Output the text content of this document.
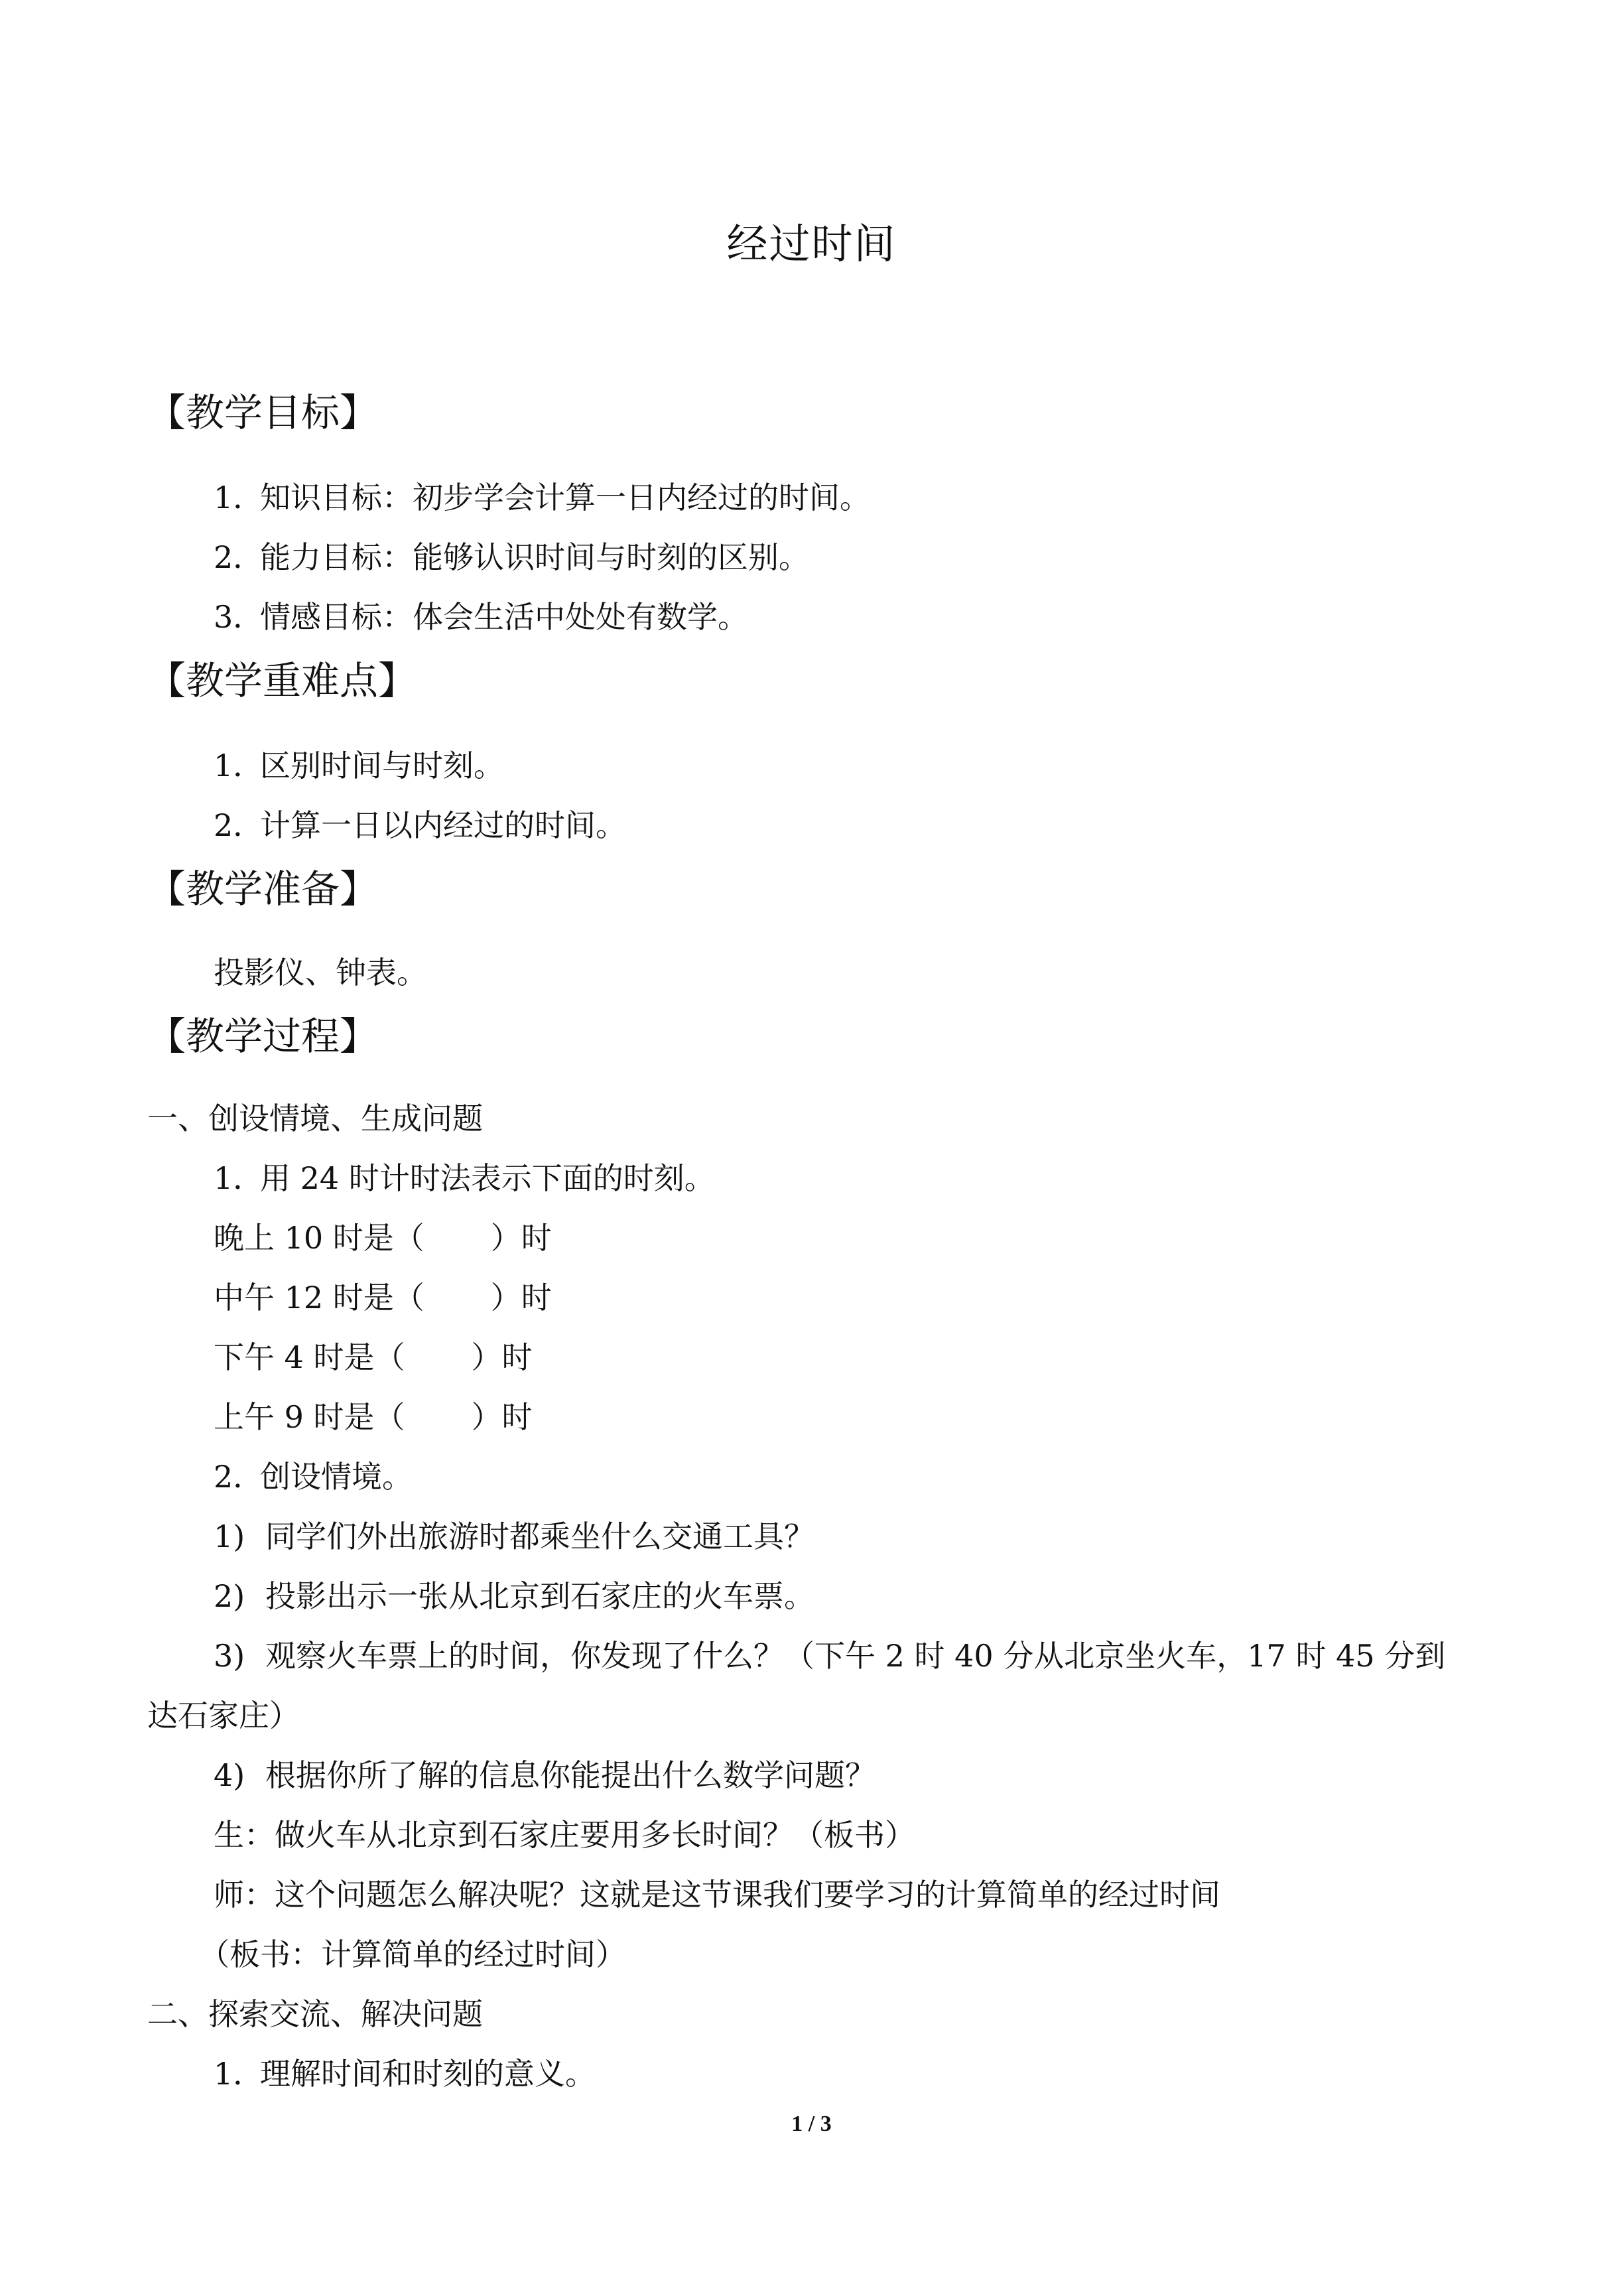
经过时间
【教学目标】
1．知识目标：初步学会计算一日内经过的时间。
2．能力目标：能够认识时间与时刻的区别。
3．情感目标：体会生活中处处有数学。
【教学重难点】
1．区别时间与时刻。
2．计算一日以内经过的时间。
【教学准备】
投影仪、钟表。
【教学过程】
一、创设情境、生成问题
1．用 24 时计时法表示下面的时刻。
晚上 10 时是（ ）时
中午 12 时是（ ）时
下午 4 时是（ ）时
上午 9 时是（ ）时
2．创设情境。
1) 同学们外出旅游时都乘坐什么交通工具？
2) 投影出示一张从北京到石家庄的火车票。
3) 观察火车票上的时间，你发现了什么？（下午 2 时 40 分从北京坐火车，17 时 45 分到
达石家庄）
4) 根据你所了解的信息你能提出什么数学问题？
生：做火车从北京到石家庄要用多长时间？（板书）
师：这个问题怎么解决呢？这就是这节课我们要学习的计算简单的经过时间
（板书：计算简单的经过时间）
二、探索交流、解决问题
1．理解时间和时刻的意义。
1 / 3
